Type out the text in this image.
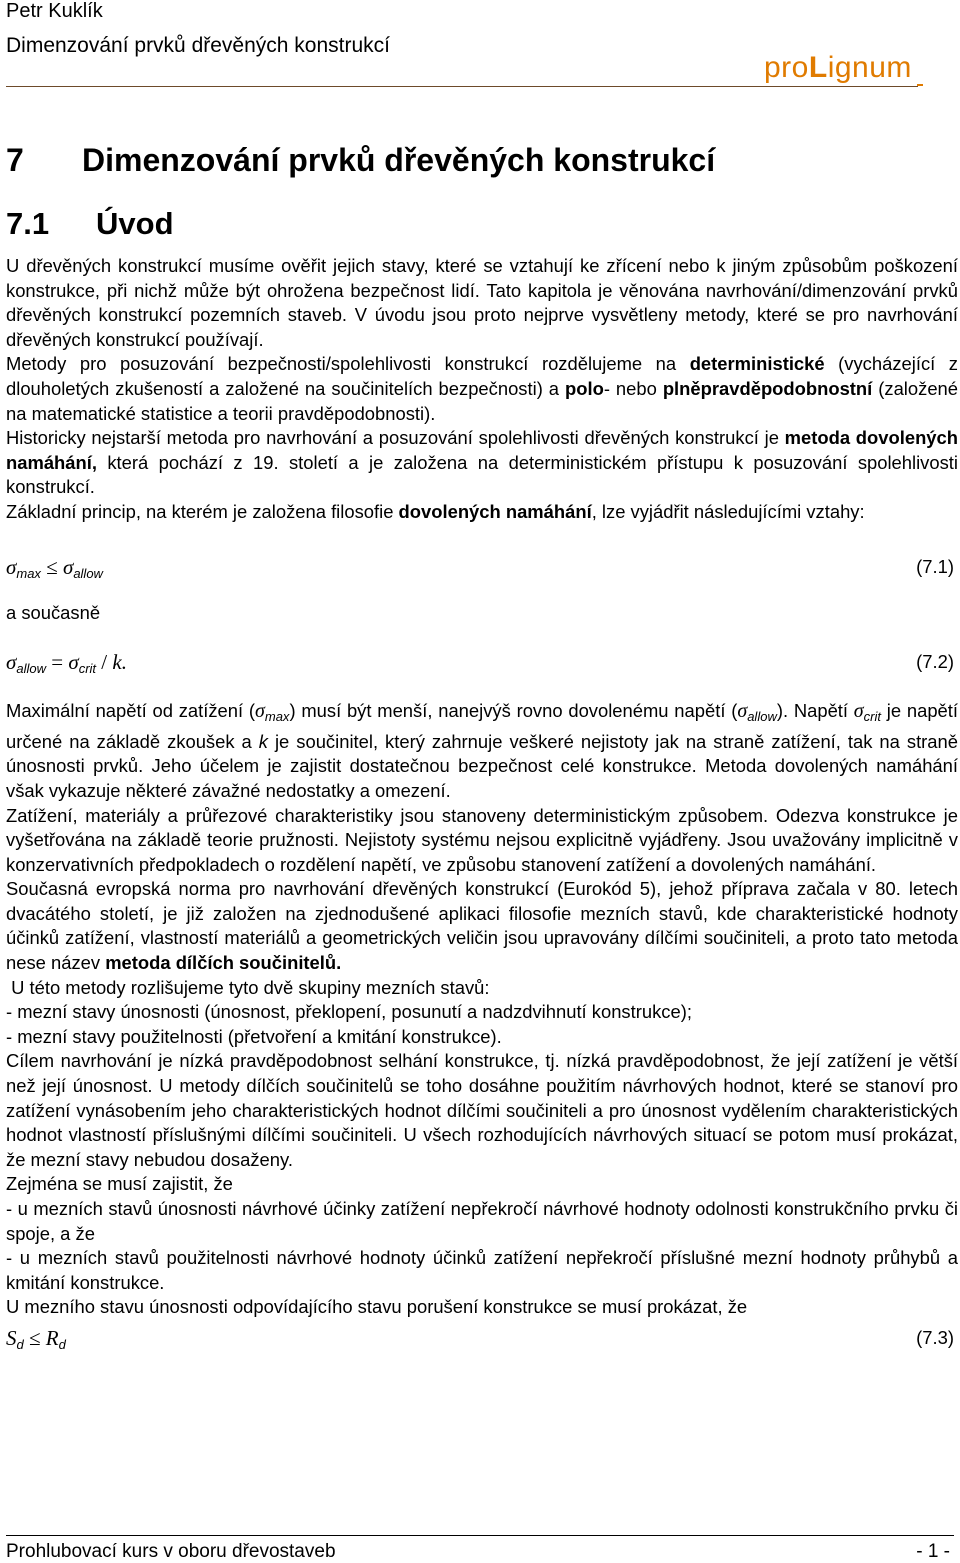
Petr Kuklík
Dimenzování prvků dřevěných konstrukcí
proLignum
7 Dimenzování prvků dřevěných konstrukcí
7.1 Úvod

U dřevěných konstrukcí musíme ověřit jejich stavy, které se vztahují ke zřícení nebo k jiným způsobům poškození konstrukce, při nichž může být ohrožena bezpečnost lidí. Tato kapitola je věnována navrhování/dimenzování prvků dřevěných konstrukcí pozemních staveb. V úvodu jsou proto nejprve vysvětleny metody, které se pro navrhování dřevěných konstrukcí používají.

Metody pro posuzování bezpečnosti/spolehlivosti konstrukcí rozdělujeme na deterministické (vycházející z dlouholetých zkušeností a založené na součinitelích bezpečnosti) a polo- nebo plněpravděpodobnostní (založené na matematické statistice a teorii pravděpodobnosti).

Historicky nejstarší metoda pro navrhování a posuzování spolehlivosti dřevěných konstrukcí je metoda dovolených namáhání, která pochází z 19. století a je založena na deterministickém přístupu k posuzování spolehlivosti konstrukcí.

Základní princip, na kterém je založena filosofie dovolených namáhání, lze vyjádřit následujícími vztahy:

$\sigma_{max} \le \sigma_{allow}$	(7.1)

a současně

$\sigma_{allow} = \sigma_{crit} / k$.	(7.2)

Maximální napětí od zatížení $(\sigma_{max})$ musí být menší, nanejvýš rovno dovolenému napětí $(\sigma_{allow})$. Napětí $\sigma_{crit}$ je napětí určené na základě zkoušek a k je součinitel, který zahrnuje veškeré nejistoty jak na straně zatížení, tak na straně únosnosti prvků. Jeho účelem je zajistit dostatečnou bezpečnost celé konstrukce. Metoda dovolených namáhání však vykazuje některé závažné nedostatky a omezení.

Zatížení, materiály a průřezové charakteristiky jsou stanoveny deterministickým způsobem. Odezva konstrukce je vyšetřována na základě teorie pružnosti. Nejistoty systému nejsou explicitně vyjádřeny. Jsou uvažovány implicitně v konzervativních předpokladech o rozdělení napětí, ve způsobu stanovení zatížení a dovolených namáhání.

Současná evropská norma pro navrhování dřevěných konstrukcí (Eurokód 5), jehož příprava začala v 80. letech dvacátého století, je již založen na zjednodušené aplikaci filosofie mezních stavů, kde charakteristické hodnoty účinků zatížení, vlastností materiálů a geometrických veličin jsou upravovány dílčími součiniteli, a proto tato metoda nese název metoda dílčích součinitelů.

U této metody rozlišujeme tyto dvě skupiny mezních stavů:

- mezní stavy únosnosti (únosnost, překlopení, posunutí a nadzdvihnutí konstrukce);

- mezní stavy použitelnosti (přetvoření a kmitání konstrukce).

Cílem navrhování je nízká pravděpodobnost selhání konstrukce, tj. nízká pravděpodobnost, že její zatížení je větší než její únosnost. U metody dílčích součinitelů se toho dosáhne použitím návrhových hodnot, které se stanoví pro zatížení vynásobením jeho charakteristických hodnot dílčími součiniteli a pro únosnost vydělením charakteristických hodnot vlastností příslušnými dílčími součiniteli. U všech rozhodujících návrhových situací se potom musí prokázat, že mezní stavy nebudou dosaženy.

Zejména se musí zajistit, že

- u mezních stavů únosnosti návrhové účinky zatížení nepřekročí návrhové hodnoty odolnosti konstrukčního prvku či spoje, a že

- u mezních stavů použitelnosti návrhové hodnoty účinků zatížení nepřekročí příslušné mezní hodnoty průhybů a kmitání konstrukce.

U mezního stavu únosnosti odpovídajícího stavu porušení konstrukce se musí prokázat, že

$S_d \le R_d$	(7.3)
Prohlubovací kurs v oboru dřevostaveb	- 1 -
